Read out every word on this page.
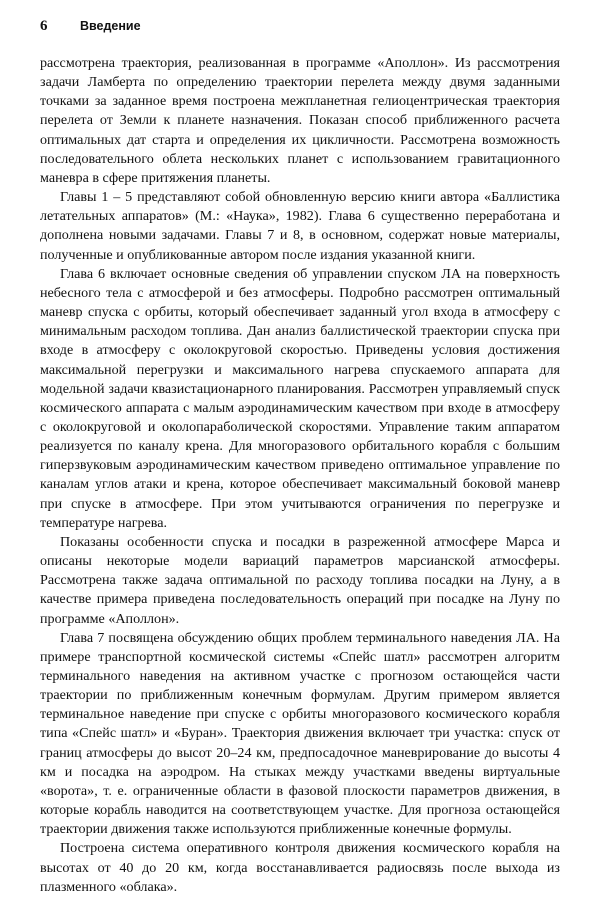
6	Введение

рассмотрена траектория, реализованная в программе «Аполлон». Из рассмотрения задачи Ламберта по определению траектории перелета между двумя заданными точками за заданное время построена межпланетная гелиоцентрическая траектория перелета от Земли к планете назначения. Показан способ приближенного расчета оптимальных дат старта и определения их цикличности. Рассмотрена возможность последовательного облета нескольких планет с использованием гравитационного маневра в сфере притяжения планеты.

Главы 1 – 5 представляют собой обновленную версию книги автора «Баллистика летательных аппаратов» (М.: «Наука», 1982). Глава 6 существенно переработана и дополнена новыми задачами. Главы 7 и 8, в основном, содержат новые материалы, полученные и опубликованные автором после издания указанной книги.

Глава 6 включает основные сведения об управлении спуском ЛА на поверхность небесного тела с атмосферой и без атмосферы. Подробно рассмотрен оптимальный маневр спуска с орбиты, который обеспечивает заданный угол входа в атмосферу с минимальным расходом топлива. Дан анализ баллистической траектории спуска при входе в атмосферу с околокруговой скоростью. Приведены условия достижения максимальной перегрузки и максимального нагрева спускаемого аппарата для модельной задачи квазистационарного планирования. Рассмотрен управляемый спуск космического аппарата с малым аэродинамическим качеством при входе в атмосферу с околокруговой и околопараболической скоростями. Управление таким аппаратом реализуется по каналу крена. Для многоразового орбитального корабля с большим гиперзвуковым аэродинамическим качеством приведено оптимальное управление по каналам углов атаки и крена, которое обеспечивает максимальный боковой маневр при спуске в атмосфере. При этом учитываются ограничения по перегрузке и температуре нагрева.

Показаны особенности спуска и посадки в разреженной атмосфере Марса и описаны некоторые модели вариаций параметров марсианской атмосферы. Рассмотрена также задача оптимальной по расходу топлива посадки на Луну, а в качестве примера приведена последовательность операций при посадке на Луну по программе «Аполлон».

Глава 7 посвящена обсуждению общих проблем терминального наведения ЛА. На примере транспортной космической системы «Спейс шатл» рассмотрен алгоритм терминального наведения на активном участке с прогнозом остающейся части траектории по приближенным конечным формулам. Другим примером является терминальное наведение при спуске с орбиты многоразового космического корабля типа «Спейс шатл» и «Буран». Траектория движения включает три участка: спуск от границ атмосферы до высот 20–24 км, предпосадочное маневрирование до высоты 4 км и посадка на аэродром. На стыках между участками введены виртуальные «ворота», т. е. ограниченные области в фазовой плоскости параметров движения, в которые корабль наводится на соответствующем участке. Для прогноза остающейся траектории движения также используются приближенные конечные формулы.

Построена система оперативного контроля движения космического корабля на высотах от 40 до 20 км, когда восстанавливается радиосвязь после выхода из плазменного «облака».
